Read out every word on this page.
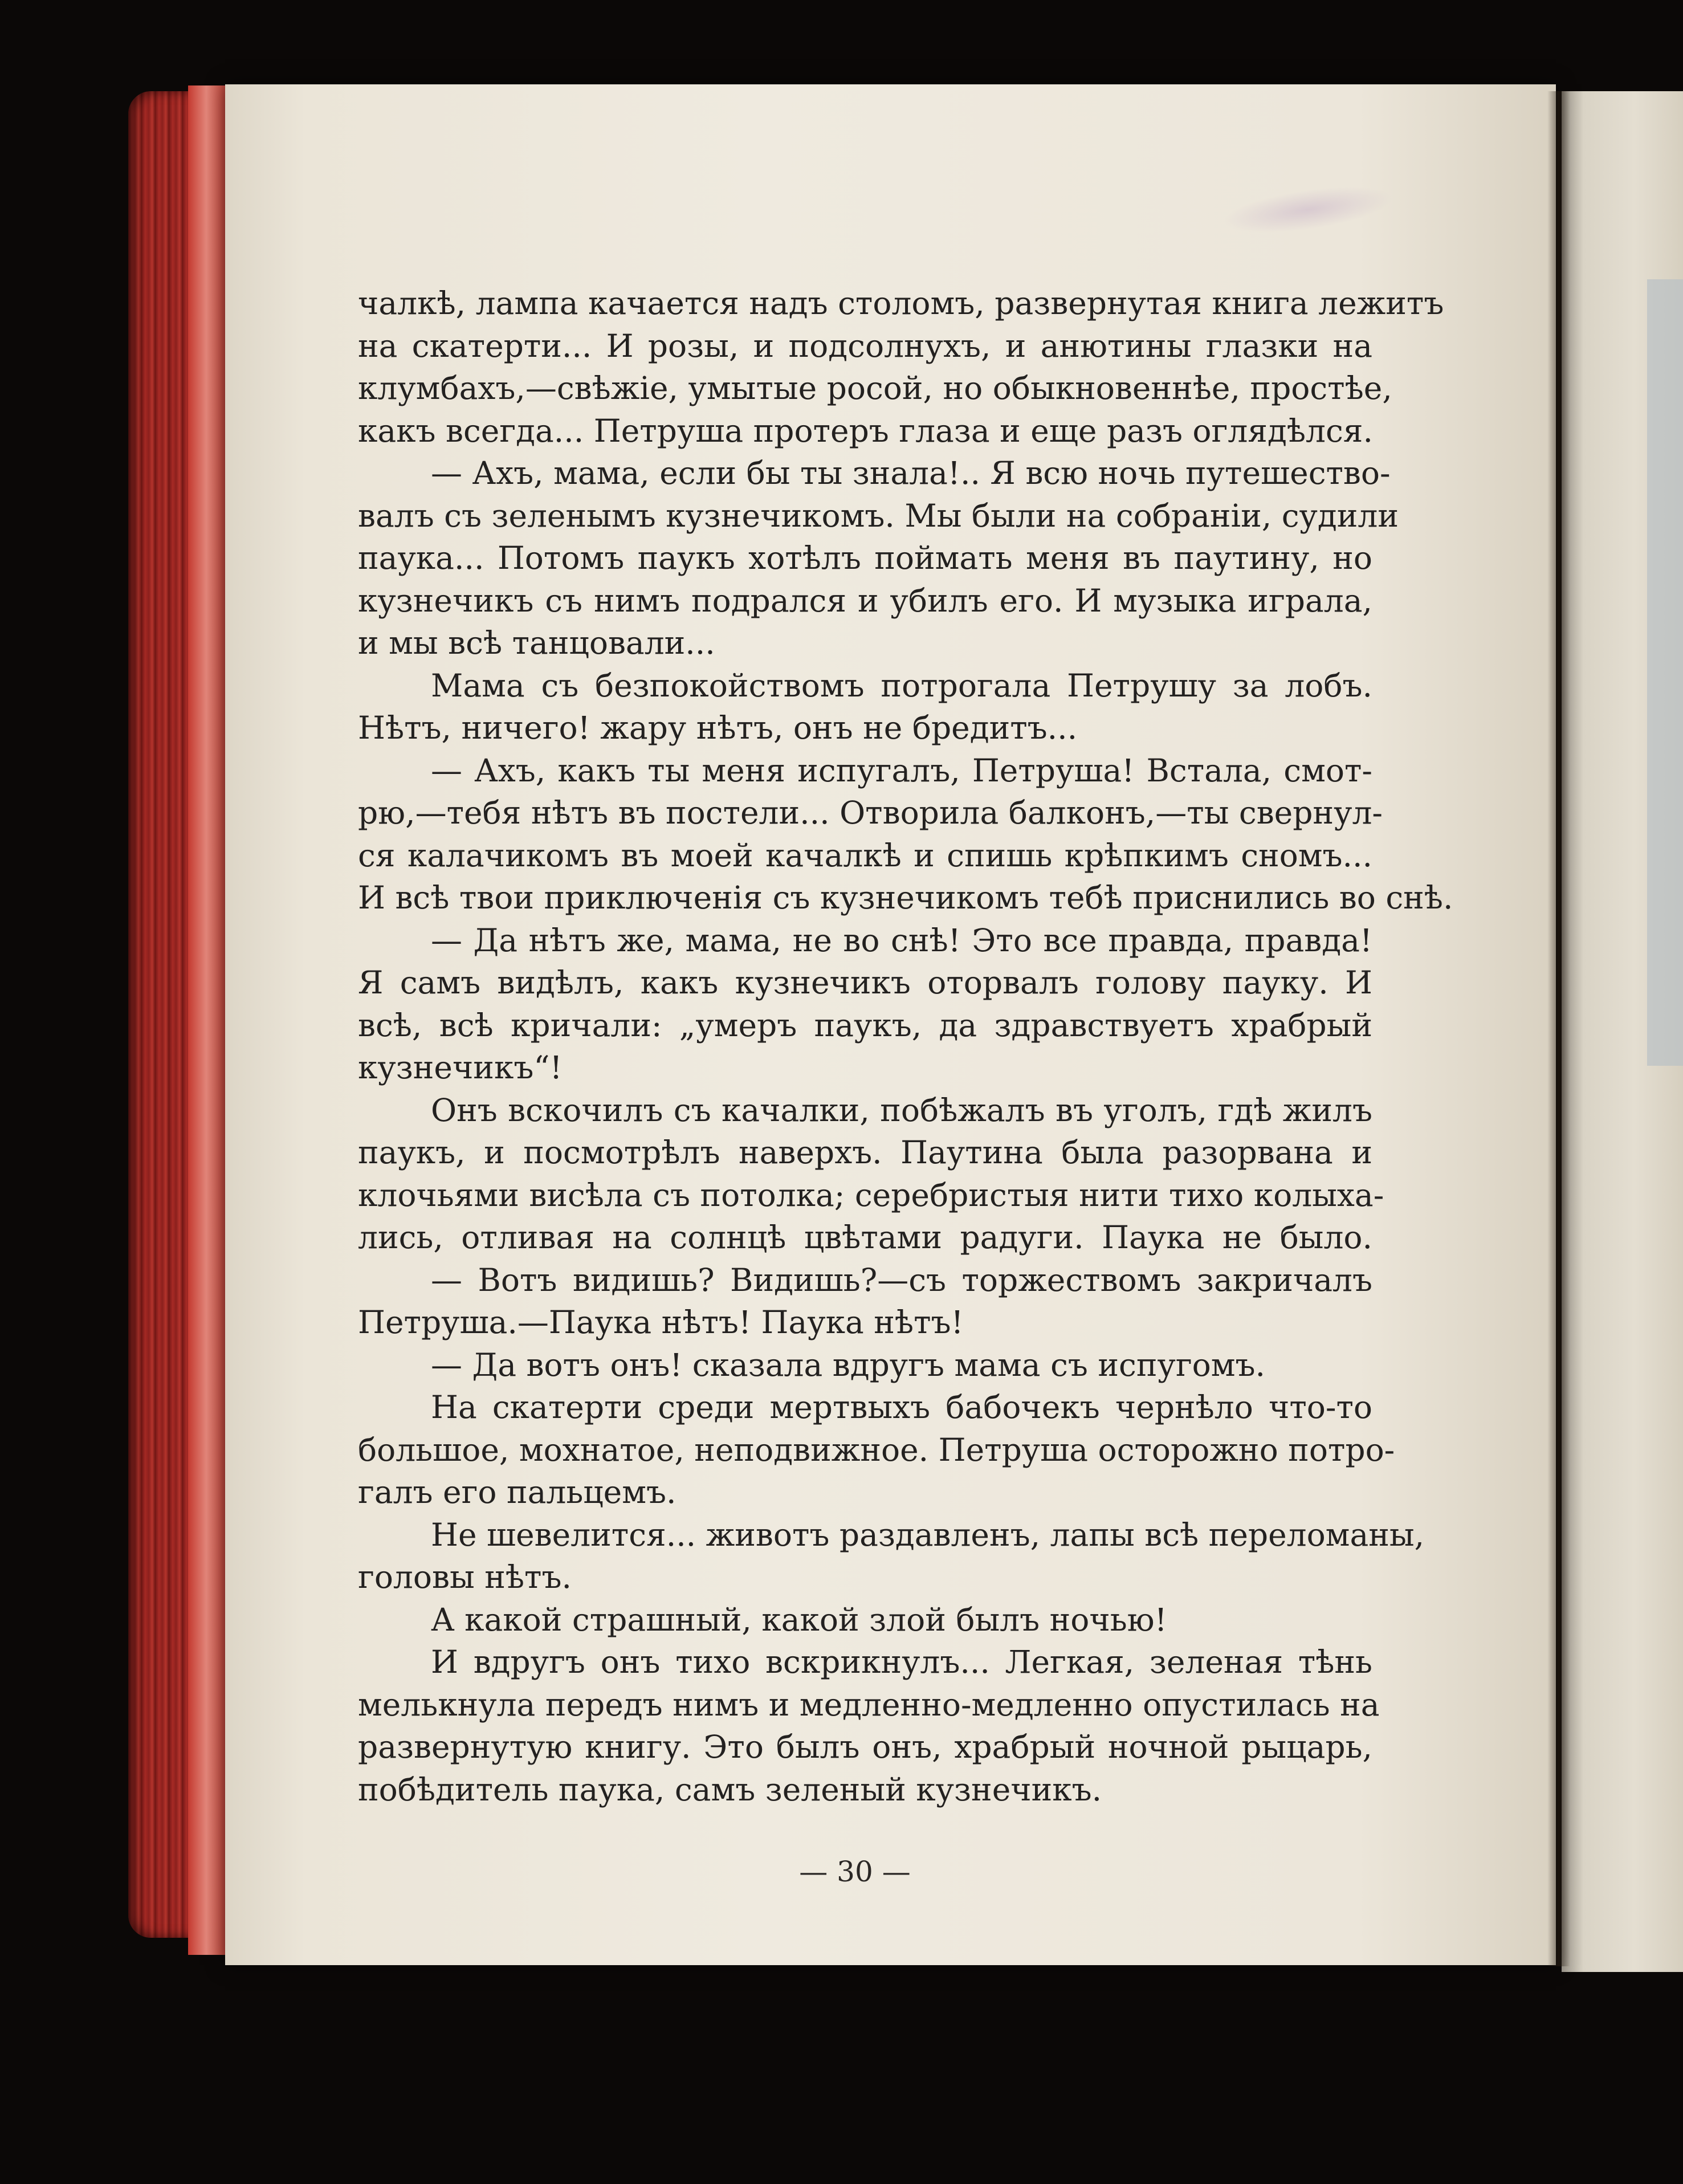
чалкѣ, лампа качается надъ столомъ, развернутая книга лежитъ
на скатерти... И розы, и подсолнухъ, и анютины глазки на
клумбахъ,—свѣжіе, умытые росой, но обыкновеннѣе, простѣе,
какъ всегда... Петруша протеръ глаза и еще разъ оглядѣлся.
— Ахъ, мама, если бы ты знала!.. Я всю ночь путешество-
валъ съ зеленымъ кузнечикомъ. Мы были на собраніи, судили
паука... Потомъ паукъ хотѣлъ поймать меня въ паутину, но
кузнечикъ съ нимъ подрался и убилъ его. И музыка играла,
и мы всѣ танцовали...
Мама съ безпокойствомъ потрогала Петрушу за лобъ.
Нѣтъ, ничего! жару нѣтъ, онъ не бредитъ...
— Ахъ, какъ ты меня испугалъ, Петруша! Встала, смот-
рю,—тебя нѣтъ въ постели... Отворила балконъ,—ты свернул-
ся калачикомъ въ моей качалкѣ и спишь крѣпкимъ сномъ...
И всѣ твои приключенія съ кузнечикомъ тебѣ приснились во снѣ.
— Да нѣтъ же, мама, не во снѣ! Это все правда, правда!
Я самъ видѣлъ, какъ кузнечикъ оторвалъ голову пауку. И
всѣ, всѣ кричали: „умеръ паукъ, да здравствуетъ храбрый
кузнечикъ“!
Онъ вскочилъ съ качалки, побѣжалъ въ уголъ, гдѣ жилъ
паукъ, и посмотрѣлъ наверхъ. Паутина была разорвана и
клочьями висѣла съ потолка; серебристыя нити тихо колыха-
лись, отливая на солнцѣ цвѣтами радуги. Паука не было.
— Вотъ видишь? Видишь?—съ торжествомъ закричалъ
Петруша.—Паука нѣтъ! Паука нѣтъ!
— Да вотъ онъ! сказала вдругъ мама съ испугомъ.
На скатерти среди мертвыхъ бабочекъ чернѣло что-то
большое, мохнатое, неподвижное. Петруша осторожно потро-
галъ его пальцемъ.
Не шевелится... животъ раздавленъ, лапы всѣ переломаны,
головы нѣтъ.
А какой страшный, какой злой былъ ночью!
И вдругъ онъ тихо вскрикнулъ... Легкая, зеленая тѣнь
мелькнула передъ нимъ и медленно-медленно опустилась на
развернутую книгу. Это былъ онъ, храбрый ночной рыцарь,
побѣдитель паука, самъ зеленый кузнечикъ.
— 30 —
